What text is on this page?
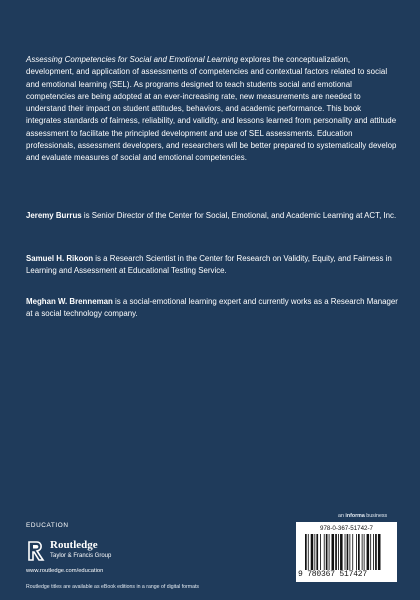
Assessing Competencies for Social and Emotional Learning explores the conceptualization, development, and application of assessments of competencies and contextual factors related to social and emotional learning (SEL). As programs designed to teach students social and emotional competencies are being adopted at an ever-increasing rate, new measurements are needed to understand their impact on student attitudes, behaviors, and academic performance. This book integrates standards of fairness, reliability, and validity, and lessons learned from personality and attitude assessment to facilitate the principled development and use of SEL assessments. Education professionals, assessment developers, and researchers will be better prepared to systematically develop and evaluate measures of social and emotional competencies.

Jeremy Burrus is Senior Director of the Center for Social, Emotional, and Academic Learning at ACT, Inc.

Samuel H. Rikoon is a Research Scientist in the Center for Research on Validity, Equity, and Fairness in Learning and Assessment at Educational Testing Service.

Meghan W. Brenneman is a social-emotional learning expert and currently works as a Research Manager at a social technology company.

EDUCATION
Routledge
Taylor & Francis Group
www.routledge.com/education
Routledge titles are available as eBook editions in a range of digital formats
an informa business
978-0-367-51742-7
9 780367 517427
